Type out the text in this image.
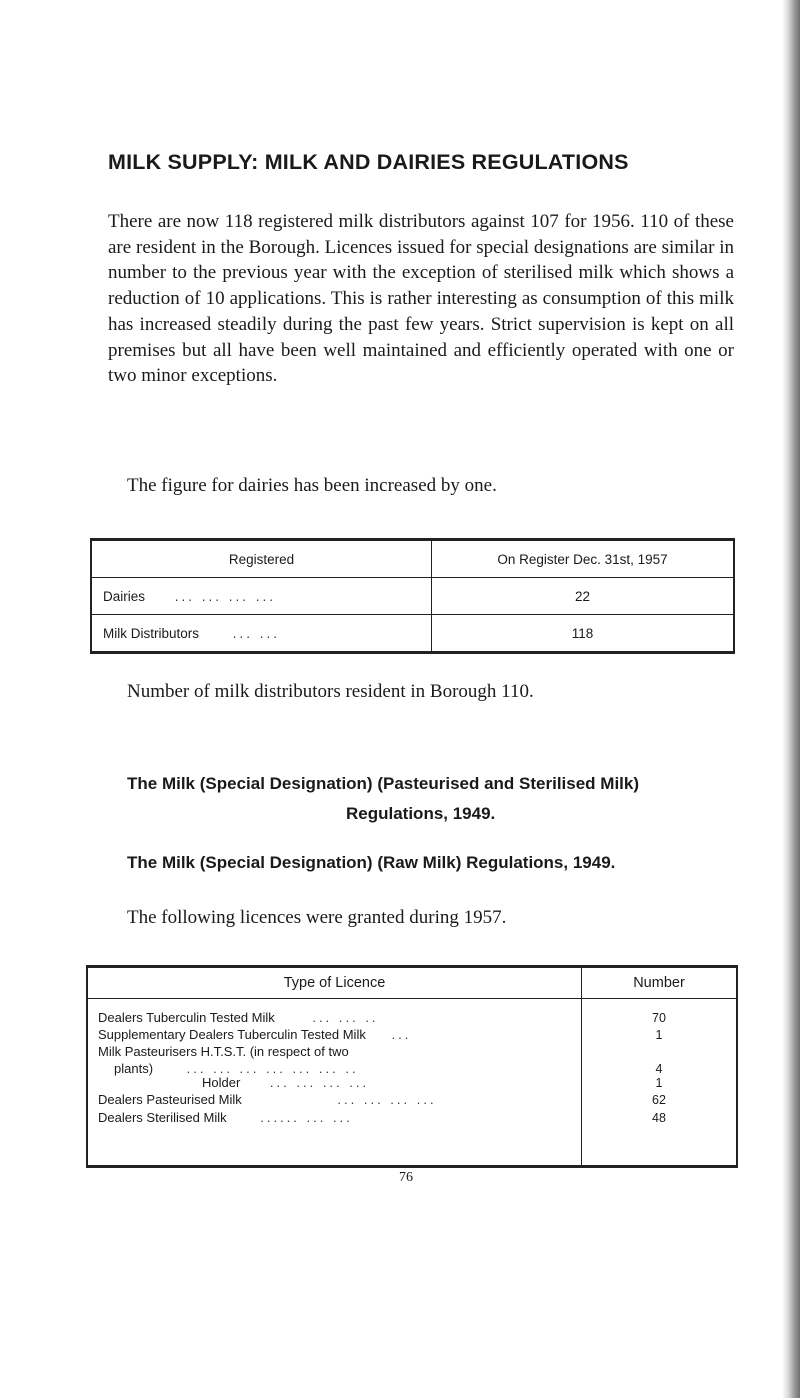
MILK SUPPLY: MILK AND DAIRIES REGULATIONS

There are now 118 registered milk distributors against 107 for 1956. 110 of these are resident in the Borough. Licences issued for special designations are similar in number to the previous year with the exception of sterilised milk which shows a reduction of 10 applications. This is rather interesting as consumption of this milk has increased steadily during the past few years. Strict supervision is kept on all premises but all have been well maintained and efficiently operated with one or two minor exceptions.

The figure for dairies has been increased by one.
Registered	On Register Dec. 31st, 1957
Dairies ... ... ... ...	22
Milk Distributors ... ...	118
Number of milk distributors resident in Borough 110.
The Milk (Special Designation) (Pasteurised and Sterilised Milk)
Regulations, 1949.
The Milk (Special Designation) (Raw Milk) Regulations, 1949.
The following licences were granted during 1957.
Type of Licence	Number
Dealers Tuberculin Tested Milk	... ... ..	70
Supplementary Dealers Tuberculin Tested Milk ...	1
Milk Pasteurisers H.T.S.T. (in respect of two
plants)	... ... ... ... ... ... ..	4
Holder ... ... ... ...	1
Dealers Pasteurised Milk	... ... ... ...	62
Dealers Sterilised Milk	...... ... ...	48
76
